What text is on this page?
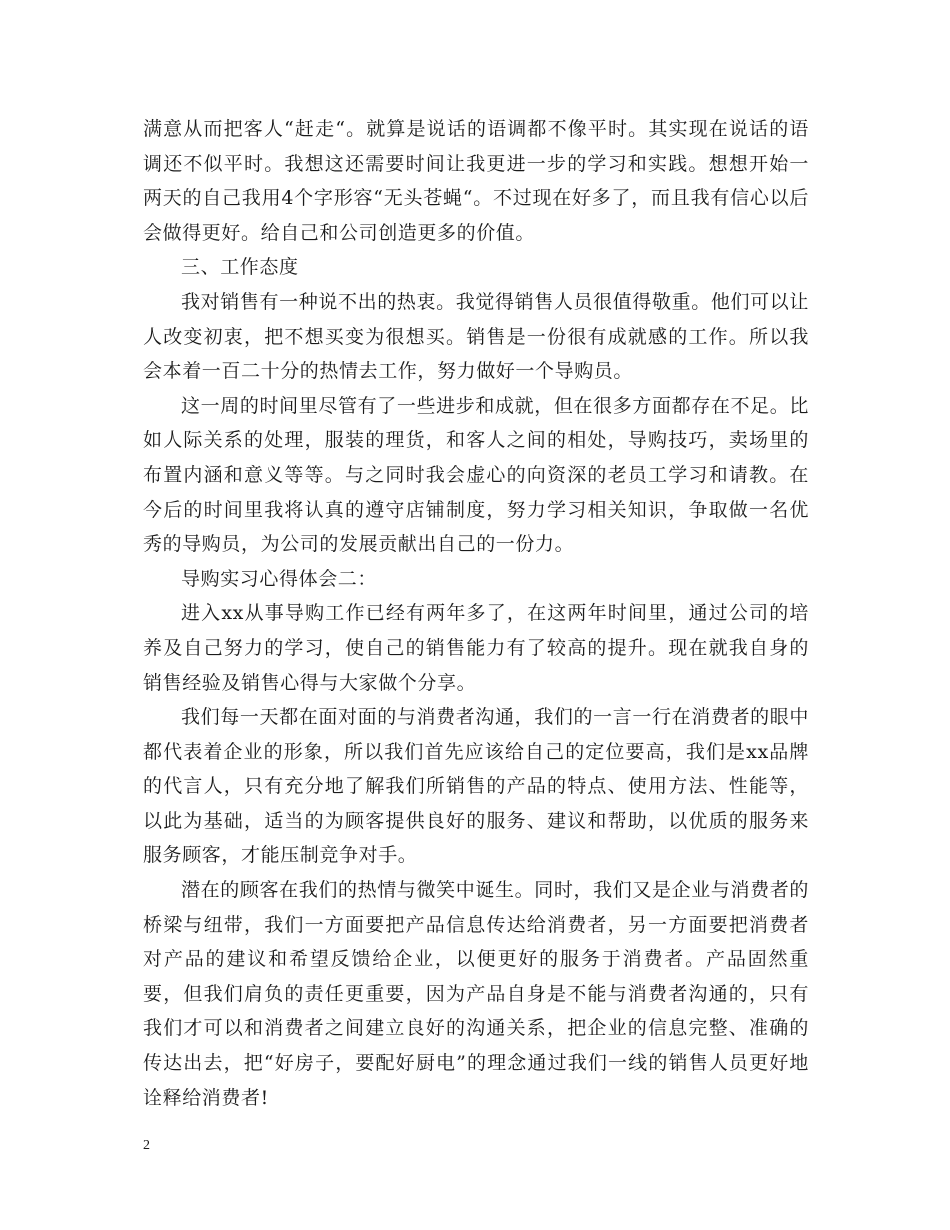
满意从而把客人“赶走“。就算是说话的语调都不像平时。其实现在说话的语调还不似平时。我想这还需要时间让我更进一步的学习和实践。想想开始一两天的自己我用4个字形容“无头苍蝇“。不过现在好多了，而且我有信心以后会做得更好。给自己和公司创造更多的价值。

三、工作态度

我对销售有一种说不出的热衷。我觉得销售人员很值得敬重。他们可以让人改变初衷，把不想买变为很想买。销售是一份很有成就感的工作。所以我会本着一百二十分的热情去工作，努力做好一个导购员。

这一周的时间里尽管有了一些进步和成就，但在很多方面都存在不足。比如人际关系的处理，服装的理货，和客人之间的相处，导购技巧，卖场里的布置内涵和意义等等。与之同时我会虚心的向资深的老员工学习和请教。在今后的时间里我将认真的遵守店铺制度，努力学习相关知识，争取做一名优秀的导购员，为公司的发展贡献出自己的一份力。

导购实习心得体会二：

进入xx从事导购工作已经有两年多了，在这两年时间里，通过公司的培养及自己努力的学习，使自己的销售能力有了较高的提升。现在就我自身的销售经验及销售心得与大家做个分享。

我们每一天都在面对面的与消费者沟通，我们的一言一行在消费者的眼中都代表着企业的形象，所以我们首先应该给自己的定位要高，我们是xx品牌的代言人，只有充分地了解我们所销售的产品的特点、使用方法、性能等，以此为基础，适当的为顾客提供良好的服务、建议和帮助，以优质的服务来服务顾客，才能压制竞争对手。

潜在的顾客在我们的热情与微笑中诞生。同时，我们又是企业与消费者的桥梁与纽带，我们一方面要把产品信息传达给消费者，另一方面要把消费者对产品的建议和希望反馈给企业，以便更好的服务于消费者。产品固然重要，但我们肩负的责任更重要，因为产品自身是不能与消费者沟通的，只有我们才可以和消费者之间建立良好的沟通关系，把企业的信息完整、准确的传达出去，把“好房子，要配好厨电”的理念通过我们一线的销售人员更好地诠释给消费者!

2
